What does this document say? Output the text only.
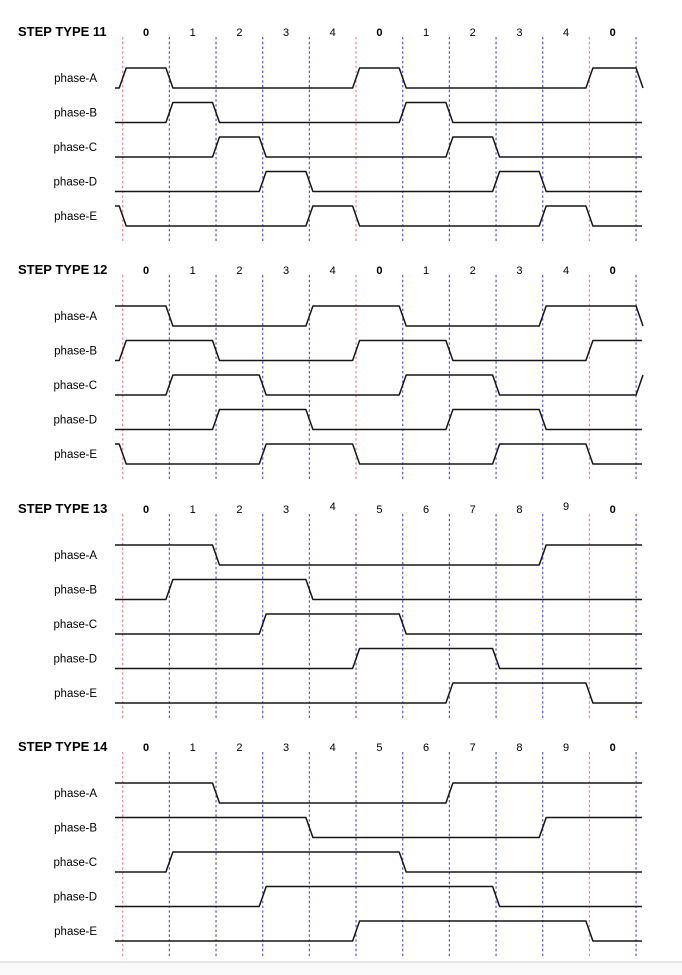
STEP TYPE 11	0	1	2	3	4	0	1	2	3	4	0
phase-A
phase-B
phase-C
phase-D
phase-E
STEP TYPE 12	0	1	2	3	4	0	1	2	3	4	0
phase-A
phase-B
phase-C
phase-D
phase-E
STEP TYPE 13	0	1	2	3	4	5	6	7	8	9	0
phase-A
phase-B
phase-C
phase-D
phase-E
STEP TYPE 14	0	1	2	3	4	5	6	7	8	9	0
phase-A
phase-B
phase-C
phase-D
phase-E
